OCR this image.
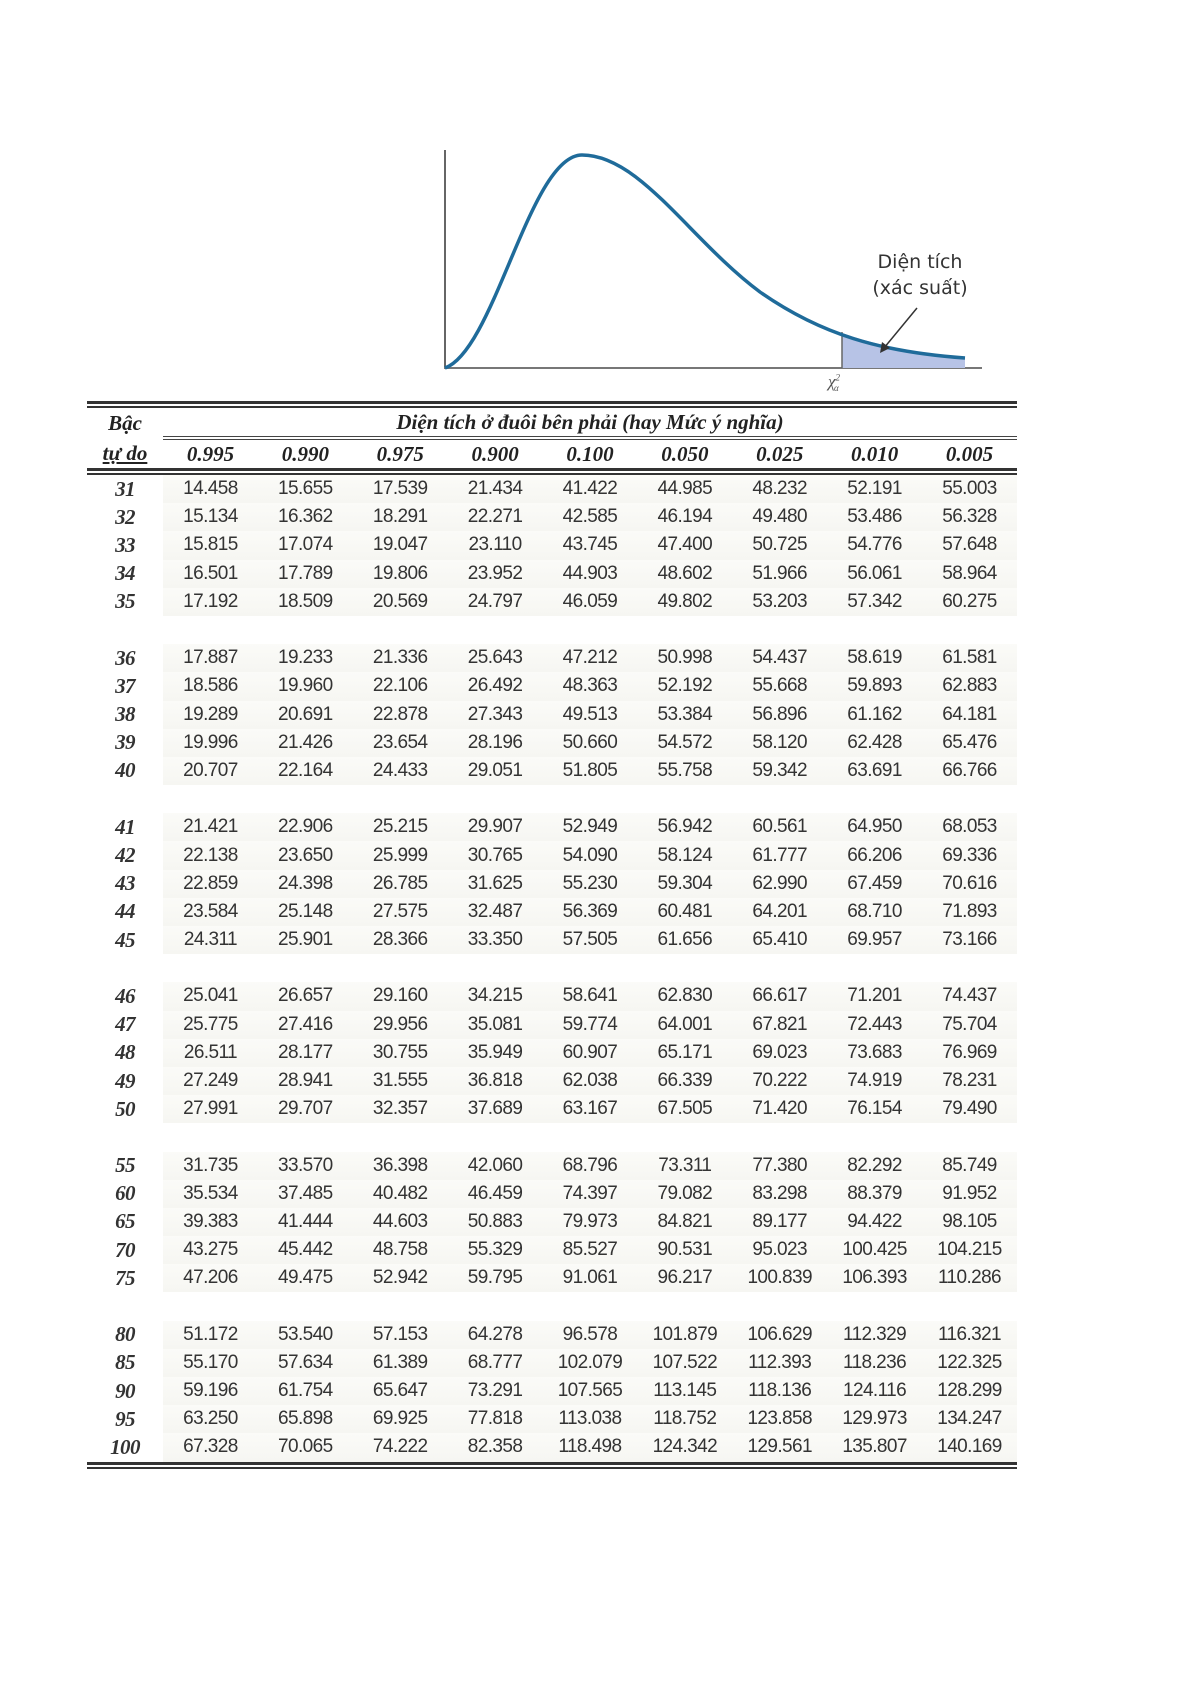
Diện tích
(xác suất)
$\chi^2_\alpha$
Bậc	Diện tích ở đuôi bên phải (hay Mức ý nghĩa)								
tự do	0.995	0.990	0.975	0.900	0.100	0.050	0.025	0.010	0.005
31	14.458	15.655	17.539	21.434	41.422	44.985	48.232	52.191	55.003
32	15.134	16.362	18.291	22.271	42.585	46.194	49.480	53.486	56.328
33	15.815	17.074	19.047	23.110	43.745	47.400	50.725	54.776	57.648
34	16.501	17.789	19.806	23.952	44.903	48.602	51.966	56.061	58.964
35	17.192	18.509	20.569	24.797	46.059	49.802	53.203	57.342	60.275

36	17.887	19.233	21.336	25.643	47.212	50.998	54.437	58.619	61.581
37	18.586	19.960	22.106	26.492	48.363	52.192	55.668	59.893	62.883
38	19.289	20.691	22.878	27.343	49.513	53.384	56.896	61.162	64.181
39	19.996	21.426	23.654	28.196	50.660	54.572	58.120	62.428	65.476
40	20.707	22.164	24.433	29.051	51.805	55.758	59.342	63.691	66.766

41	21.421	22.906	25.215	29.907	52.949	56.942	60.561	64.950	68.053
42	22.138	23.650	25.999	30.765	54.090	58.124	61.777	66.206	69.336
43	22.859	24.398	26.785	31.625	55.230	59.304	62.990	67.459	70.616
44	23.584	25.148	27.575	32.487	56.369	60.481	64.201	68.710	71.893
45	24.311	25.901	28.366	33.350	57.505	61.656	65.410	69.957	73.166

46	25.041	26.657	29.160	34.215	58.641	62.830	66.617	71.201	74.437
47	25.775	27.416	29.956	35.081	59.774	64.001	67.821	72.443	75.704
48	26.511	28.177	30.755	35.949	60.907	65.171	69.023	73.683	76.969
49	27.249	28.941	31.555	36.818	62.038	66.339	70.222	74.919	78.231
50	27.991	29.707	32.357	37.689	63.167	67.505	71.420	76.154	79.490

55	31.735	33.570	36.398	42.060	68.796	73.311	77.380	82.292	85.749
60	35.534	37.485	40.482	46.459	74.397	79.082	83.298	88.379	91.952
65	39.383	41.444	44.603	50.883	79.973	84.821	89.177	94.422	98.105
70	43.275	45.442	48.758	55.329	85.527	90.531	95.023	100.425	104.215
75	47.206	49.475	52.942	59.795	91.061	96.217	100.839	106.393	110.286

80	51.172	53.540	57.153	64.278	96.578	101.879	106.629	112.329	116.321
85	55.170	57.634	61.389	68.777	102.079	107.522	112.393	118.236	122.325
90	59.196	61.754	65.647	73.291	107.565	113.145	118.136	124.116	128.299
95	63.250	65.898	69.925	77.818	113.038	118.752	123.858	129.973	134.247
100	67.328	70.065	74.222	82.358	118.498	124.342	129.561	135.807	140.169
